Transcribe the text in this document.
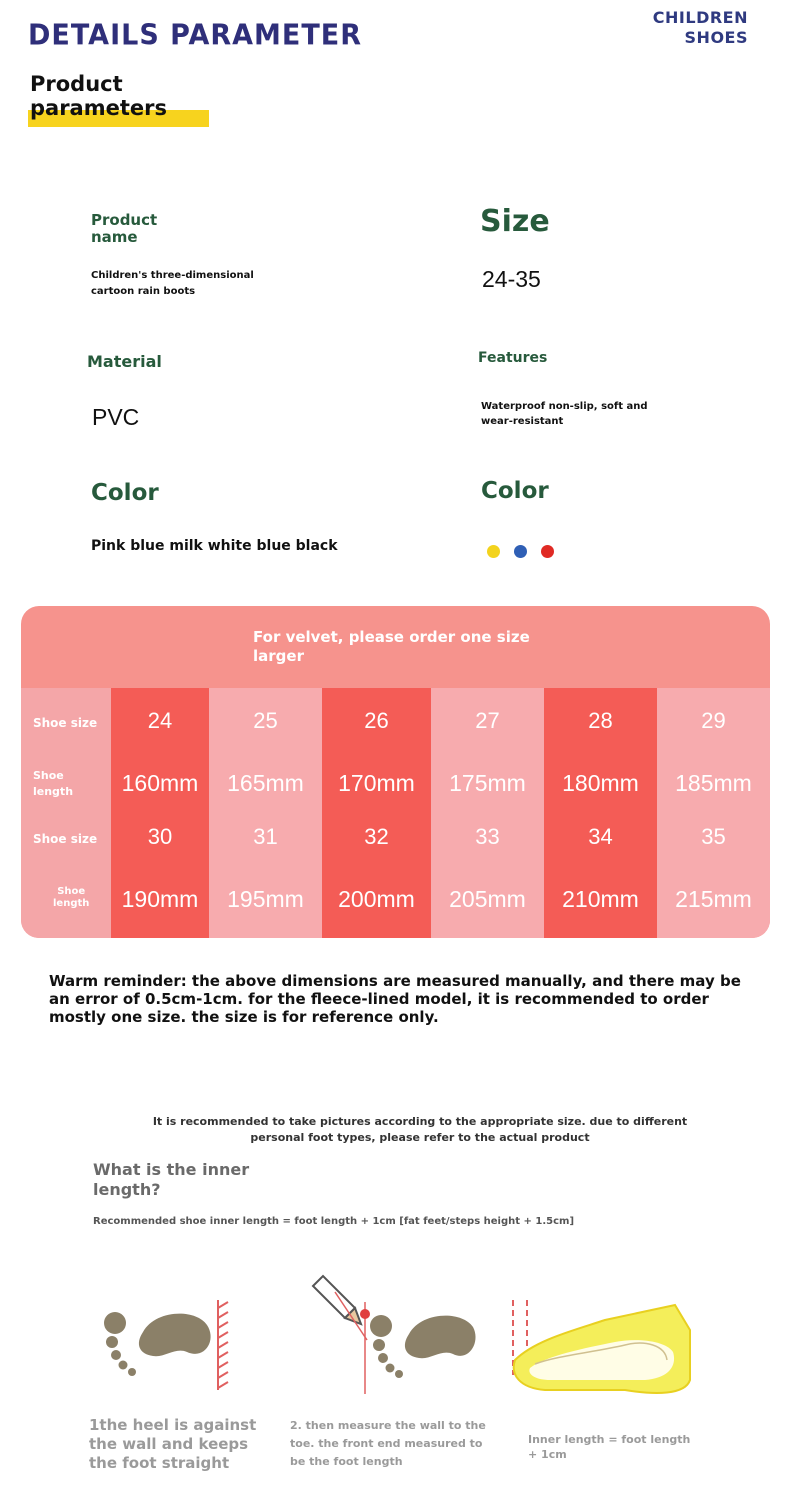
DETAILS PARAMETER
CHILDREN
SHOES
Product
parameters
Product
name
Children's three-dimensional
cartoon rain boots
Size
24-35
Material
PVC
Features
Waterproof non-slip, soft and
wear-resistant
Color
Pink blue milk white blue black
Color
For velvet, please order one size
larger
Shoe size
Shoe
length
Shoe size
Shoe
length
24
160mm
30
190mm
25
165mm
31
195mm
26
170mm
32
200mm
27
175mm
33
205mm
28
180mm
34
210mm
29
185mm
35
215mm
Warm reminder: the above dimensions are measured manually, and there may be
an error of 0.5cm-1cm. for the fleece-lined model, it is recommended to order
mostly one size. the size is for reference only.
It is recommended to take pictures according to the appropriate size. due to different
personal foot types, please refer to the actual product
What is the inner
length?
Recommended shoe inner length = foot length + 1cm [fat feet/steps height + 1.5cm]
1the heel is against
the wall and keeps
the foot straight
2. then measure the wall to the
toe. the front end measured to
be the foot length
Inner length = foot length
+ 1cm
